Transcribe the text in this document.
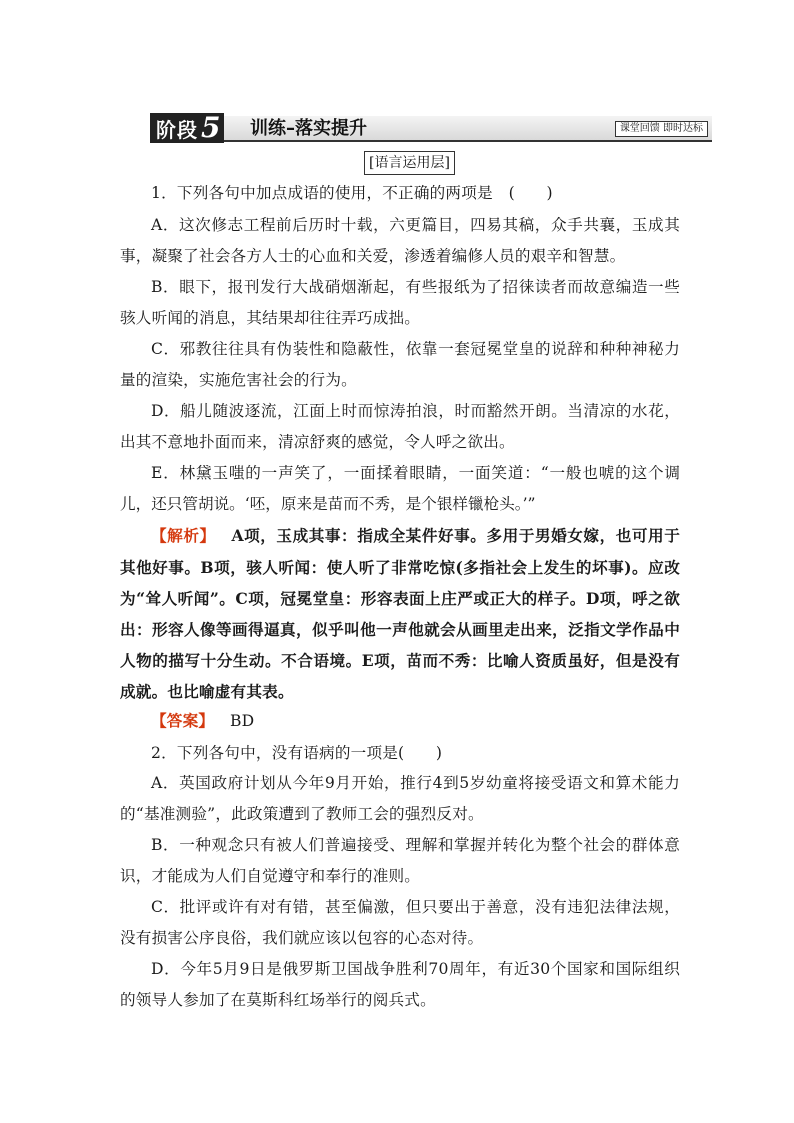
阶段 5 训练–落实提升	课堂回馈 即时达标
[语言运用层]

1．下列各句中加点成语的使用，不正确的两项是　(　　)

A．这次修志工程前后历时十载，六更篇目，四易其稿，众手共襄，玉成其事，凝聚了社会各方人士的心血和关爱，渗透着编修人员的艰辛和智慧。

B．眼下，报刊发行大战硝烟渐起，有些报纸为了招徕读者而故意编造一些骇人听闻的消息，其结果却往往弄巧成拙。

C．邪教往往具有伪装性和隐蔽性，依靠一套冠冕堂皇的说辞和种种神秘力量的渲染，实施危害社会的行为。

D．船儿随波逐流，江面上时而惊涛拍浪，时而豁然开朗。当清凉的水花，出其不意地扑面而来，清凉舒爽的感觉，令人呼之欲出。

E．林黛玉嗤的一声笑了，一面揉着眼睛，一面笑道：“一般也唬的这个调儿，还只管胡说。‘呸，原来是苗而不秀，是个银样镴枪头。’”

【解析】  A项，玉成其事：指成全某件好事。多用于男婚女嫁，也可用于其他好事。B项，骇人听闻：使人听了非常吃惊(多指社会上发生的坏事)。应改为“耸人听闻”。C项，冠冕堂皇：形容表面上庄严或正大的样子。D项，呼之欲出：形容人像等画得逼真，似乎叫他一声他就会从画里走出来，泛指文学作品中人物的描写十分生动。不合语境。E项，苗而不秀：比喻人资质虽好，但是没有成就。也比喻虚有其表。

【答案】  BD

2．下列各句中，没有语病的一项是(　　)

A．英国政府计划从今年9月开始，推行4到5岁幼童将接受语文和算术能力的“基准测验”，此政策遭到了教师工会的强烈反对。

B．一种观念只有被人们普遍接受、理解和掌握并转化为整个社会的群体意识，才能成为人们自觉遵守和奉行的准则。

C．批评或许有对有错，甚至偏激，但只要出于善意，没有违犯法律法规，没有损害公序良俗，我们就应该以包容的心态对待。

D．今年5月9日是俄罗斯卫国战争胜利70周年，有近30个国家和国际组织的领导人参加了在莫斯科红场举行的阅兵式。
